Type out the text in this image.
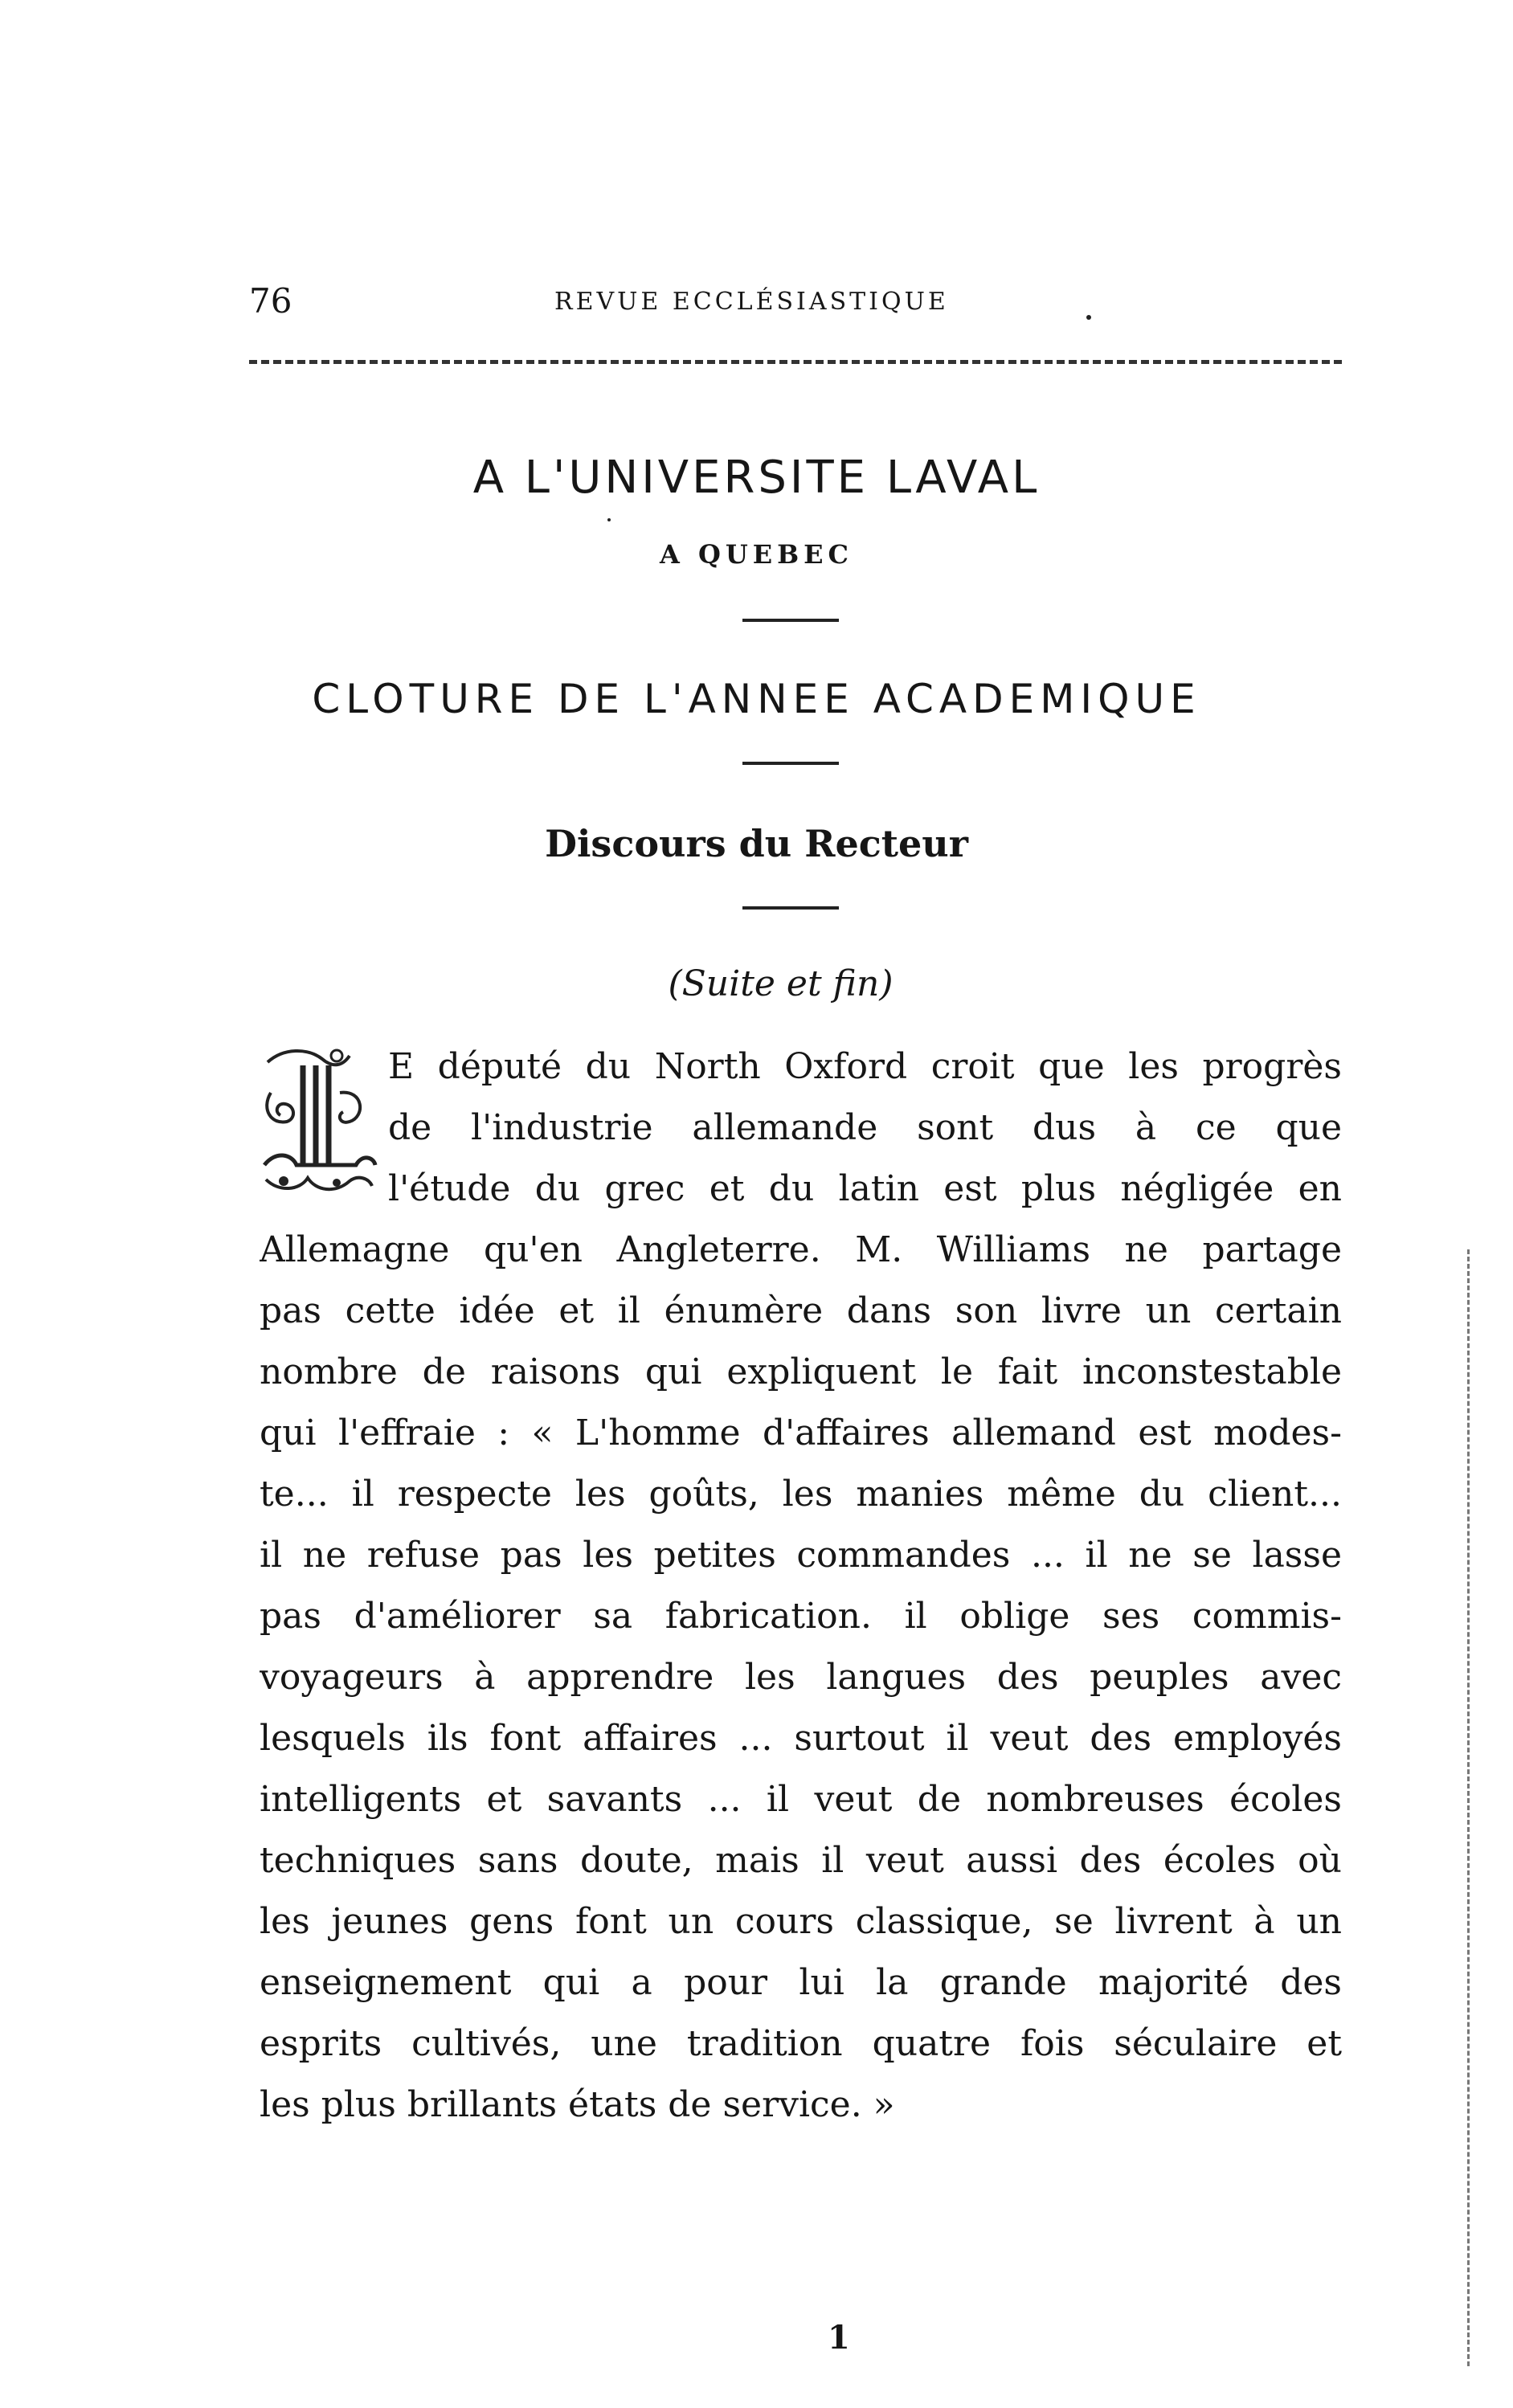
76	REVUE ECCLÉSIASTIQUE
A L'UNIVERSITE LAVAL
A QUEBEC
CLOTURE DE L'ANNEE ACADEMIQUE
Discours du Recteur
(Suite et fin)
E député du North Oxford croit que les progrès
de l'industrie allemande sont dus à ce que
l'étude du grec et du latin est plus négligée en
Allemagne qu'en Angleterre. M. Williams ne partage
pas cette idée et il énumère dans son livre un certain
nombre de raisons qui expliquent le fait inconstestable
qui l'effraie : « L'homme d'affaires allemand est modes-
te... il respecte les goûts, les manies même du client...
il ne refuse pas les petites commandes ... il ne se lasse
pas d'améliorer sa fabrication. il oblige ses commis-
voyageurs à apprendre les langues des peuples avec
lesquels ils font affaires ... surtout il veut des employés
intelligents et savants ... il veut de nombreuses écoles
techniques sans doute, mais il veut aussi des écoles où
les jeunes gens font un cours classique, se livrent à un
enseignement qui a pour lui la grande majorité des
esprits cultivés, une tradition quatre fois séculaire et
les plus brillants états de service. »
1
